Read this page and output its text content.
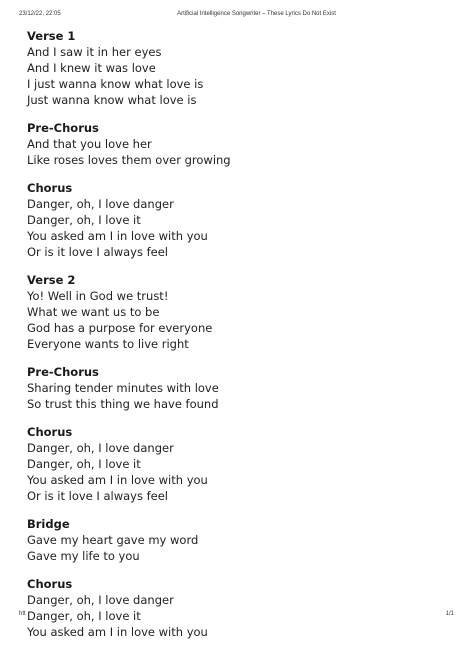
23/12/22, 22:05	Artificial Intelligence Songwriter – These Lyrics Do Not Exist
Verse 1
And I saw it in her eyes
And I knew it was love
I just wanna know what love is
Just wanna know what love is
Pre-Chorus
And that you love her
Like roses loves them over growing
Chorus
Danger, oh, I love danger
Danger, oh, I love it
You asked am I in love with you
Or is it love I always feel
Verse 2
Yo! Well in God we trust!
What we want us to be
God has a purpose for everyone
Everyone wants to live right
Pre-Chorus
Sharing tender minutes with love
So trust this thing we have found
Chorus
Danger, oh, I love danger
Danger, oh, I love it
You asked am I in love with you
Or is it love I always feel
Bridge
Gave my heart gave my word
Gave my life to you
Chorus
Danger, oh, I love danger
Danger, oh, I love it
You asked am I in love with you
htt	1/1
